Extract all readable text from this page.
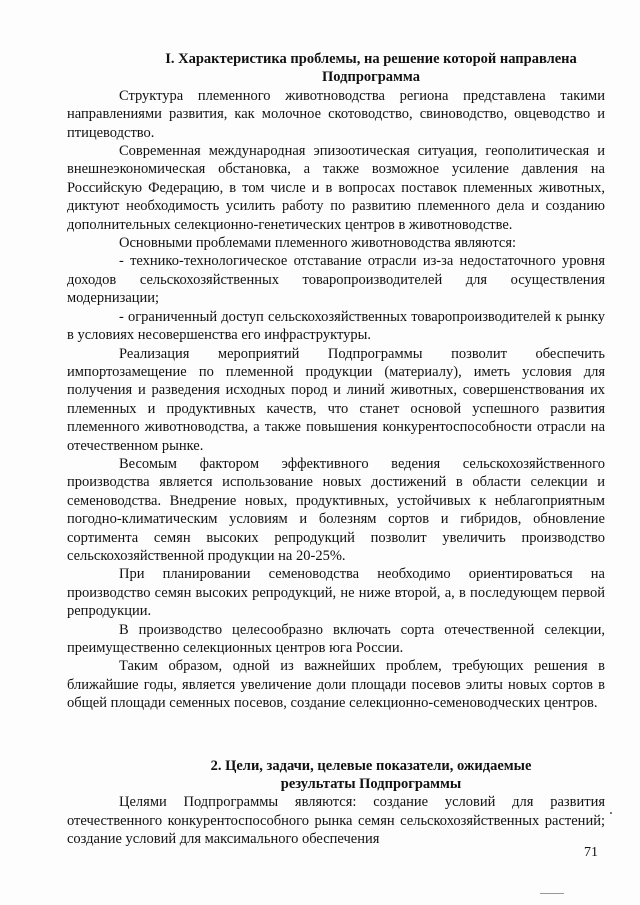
I. Характеристика проблемы, на решение которой направлена
Подпрограмма

Структура племенного животноводства региона представлена такими направлениями развития, как молочное скотоводство, свиноводство, овцеводство и птицеводство.

Современная международная эпизоотическая ситуация, геополитическая и внешнеэкономическая обстановка, а также возможное усиление давления на Российскую Федерацию, в том числе и в вопросах поставок племенных животных, диктуют необходимость усилить работу по развитию племенного дела и созданию дополнительных селекционно-генетических центров в животноводстве.

Основными проблемами племенного животноводства являются:

- технико-технологическое отставание отрасли из-за недостаточного уровня доходов сельскохозяйственных товаропроизводителей для осуществления модернизации;

- ограниченный доступ сельскохозяйственных товаропроизводителей к рынку в условиях несовершенства его инфраструктуры.

Реализация мероприятий Подпрограммы позволит обеспечить импортозамещение по племенной продукции (материалу), иметь условия для получения и разведения исходных пород и линий животных, совершенствования их племенных и продуктивных качеств, что станет основой успешного развития племенного животноводства, а также повышения конкурентоспособности отрасли на отечественном рынке.

Весомым фактором эффективного ведения сельскохозяйственного производства является использование новых достижений в области селекции и семеноводства. Внедрение новых, продуктивных, устойчивых к неблагоприятным погодно-климатическим условиям и болезням сортов и гибридов, обновление сортимента семян высоких репродукций позволит увеличить производство сельскохозяйственной продукции на 20-25%.

При планировании семеноводства необходимо ориентироваться на производство семян высоких репродукций, не ниже второй, а, в последующем первой репродукции.

В производство целесообразно включать сорта отечественной селекции, преимущественно селекционных центров юга России.

Таким образом, одной из важнейших проблем, требующих решения в ближайшие годы, является увеличение доли площади посевов элиты новых сортов в общей площади семенных посевов, создание селекционно-семеноводческих центров.

2. Цели, задачи, целевые показатели, ожидаемые
результаты Подпрограммы

Целями Подпрограммы являются: создание условий для развития отечественного конкурентоспособного рынка семян сельскохозяйственных растений; создание условий для максимального обеспечения

71
